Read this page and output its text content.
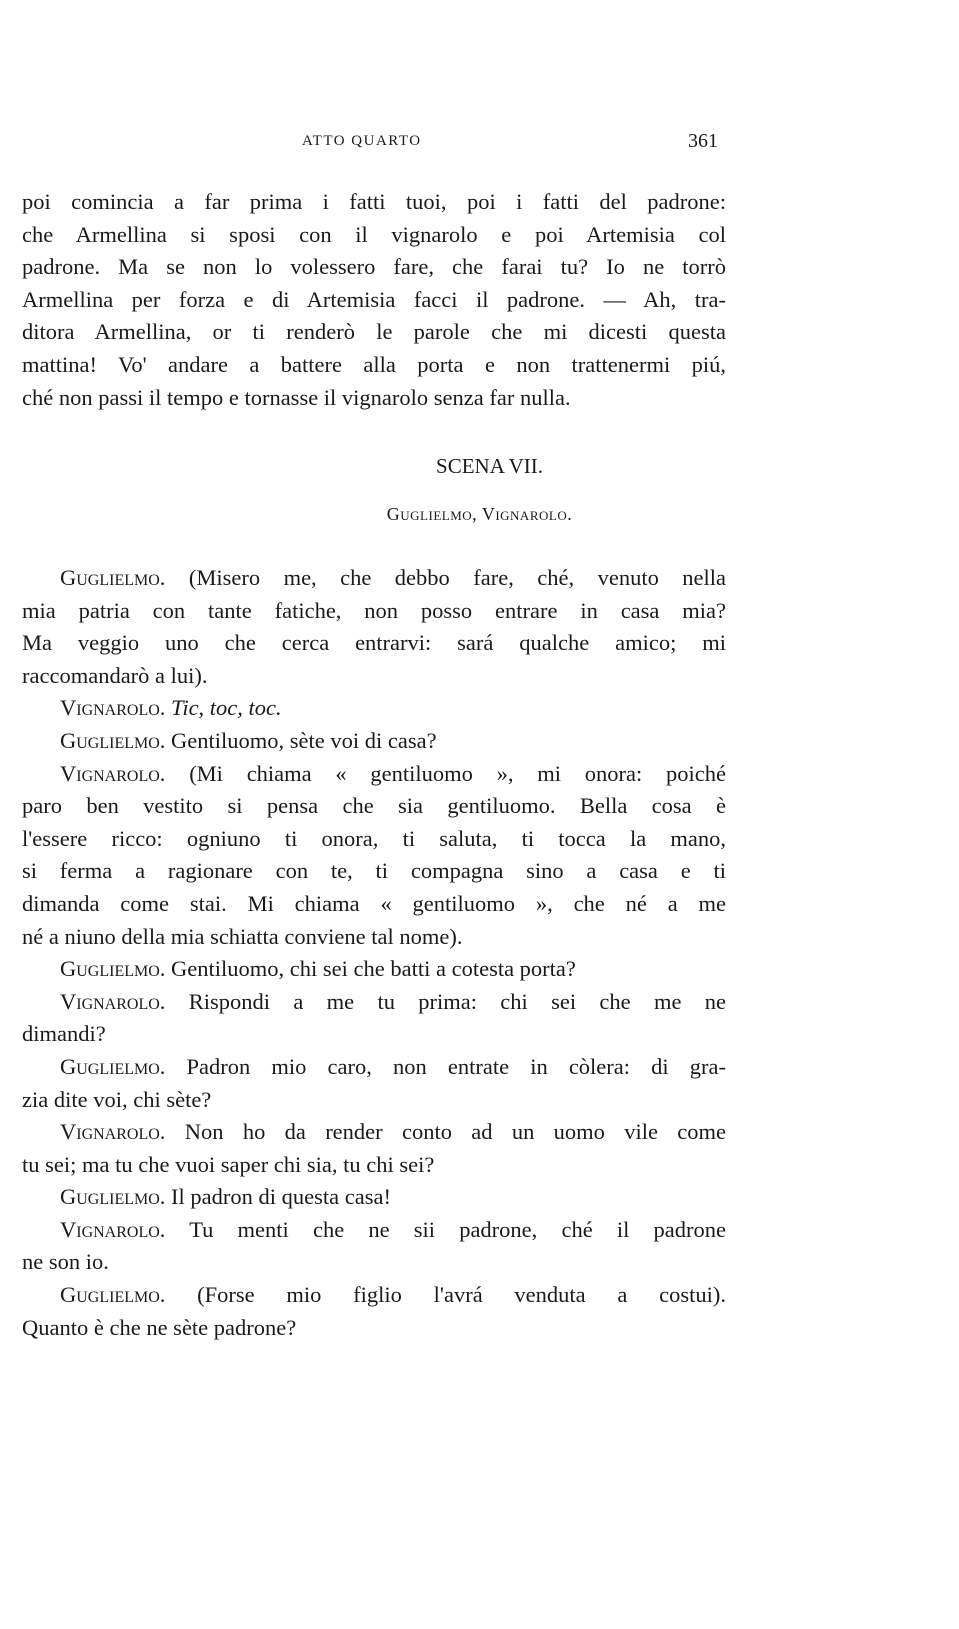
ATTO QUARTO	361
poi comincia a far prima i fatti tuoi, poi i fatti del padrone:
che Armellina si sposi con il vignarolo e poi Artemisia col
padrone. Ma se non lo volessero fare, che farai tu? Io ne torrò
Armellina per forza e di Artemisia facci il padrone. — Ah, tra-
ditora Armellina, or ti renderò le parole che mi dicesti questa
mattina! Vo' andare a battere alla porta e non trattenermi piú,
ché non passi il tempo e tornasse il vignarolo senza far nulla.
SCENA VII.
Guglielmo, Vignarolo.
Guglielmo. (Misero me, che debbo fare, ché, venuto nella
mia patria con tante fatiche, non posso entrare in casa mia?
Ma veggio uno che cerca entrarvi: sará qualche amico; mi
raccomandarò a lui).
Vignarolo. Tic, toc, toc.
Guglielmo. Gentiluomo, sète voi di casa?
Vignarolo. (Mi chiama « gentiluomo », mi onora: poiché
paro ben vestito si pensa che sia gentiluomo. Bella cosa è
l'essere ricco: ogniuno ti onora, ti saluta, ti tocca la mano,
si ferma a ragionare con te, ti compagna sino a casa e ti
dimanda come stai. Mi chiama « gentiluomo », che né a me
né a niuno della mia schiatta conviene tal nome).
Guglielmo. Gentiluomo, chi sei che batti a cotesta porta?
Vignarolo. Rispondi a me tu prima: chi sei che me ne
dimandi?
Guglielmo. Padron mio caro, non entrate in còlera: di gra-
zia dite voi, chi sète?
Vignarolo. Non ho da render conto ad un uomo vile come
tu sei; ma tu che vuoi saper chi sia, tu chi sei?
Guglielmo. Il padron di questa casa!
Vignarolo. Tu menti che ne sii padrone, ché il padrone
ne son io.
Guglielmo. (Forse mio figlio l'avrá venduta a costui).
Quanto è che ne sète padrone?
